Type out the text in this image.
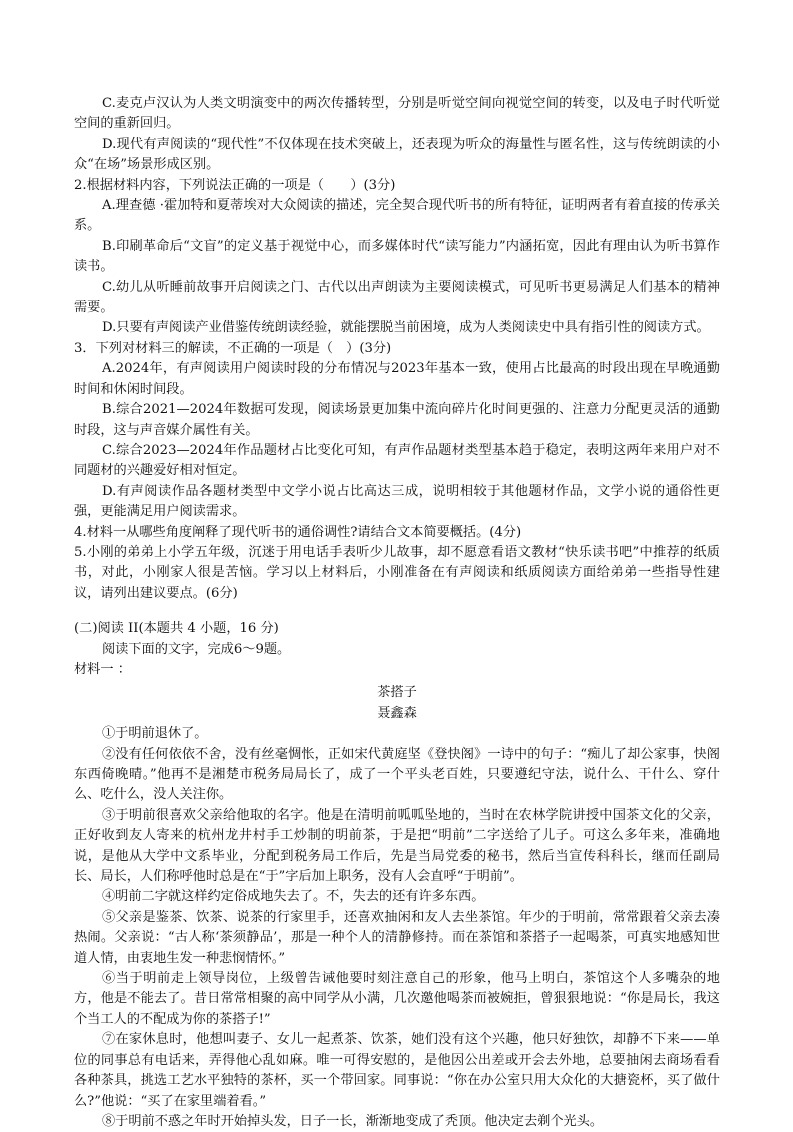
C.麦克卢汉认为人类文明演变中的两次传播转型，分别是听觉空间向视觉空间的转变，以及电子时代听觉空间的重新回归。

D.现代有声阅读的“现代性”不仅体现在技术突破上，还表现为听众的海量性与匿名性，这与传统朗读的小众“在场”场景形成区别。

2.根据材料内容，下列说法正确的一项是（　　）(3分)

A.理查德 ·霍加特和夏蒂埃对大众阅读的描述，完全契合现代听书的所有特征，证明两者有着直接的传承关系。

B.印刷革命后“文盲”的定义基于视觉中心，而多媒体时代“读写能力”内涵拓宽，因此有理由认为听书算作读书。

C.幼儿从听睡前故事开启阅读之门、古代以出声朗读为主要阅读模式，可见听书更易满足人们基本的精神需要。

D.只要有声阅读产业借鉴传统朗读经验，就能摆脱当前困境，成为人类阅读史中具有指引性的阅读方式。

3．下列对材料三的解读，不正确的一项是（　）(3分)

A.2024年，有声阅读用户阅读时段的分布情况与2023年基本一致，使用占比最高的时段出现在早晚通勤时间和休闲时间段。

B.综合2021—2024年数据可发现，阅读场景更加集中流向碎片化时间更强的、注意力分配更灵活的通勤时段，这与声音媒介属性有关。

C.综合2023—2024年作品题材占比变化可知，有声作品题材类型基本趋于稳定，表明这两年来用户对不同题材的兴趣爱好相对恒定。

D.有声阅读作品各题材类型中文学小说占比高达三成，说明相较于其他题材作品，文学小说的通俗性更强，更能满足用户阅读需求。

4.材料一从哪些角度阐释了现代听书的通俗调性?请结合文本简要概括。(4分)

5.小刚的弟弟上小学五年级，沉迷于用电话手表听少儿故事，却不愿意看语文教材“快乐读书吧”中推荐的纸质书，对此，小刚家人很是苦恼。学习以上材料后，小刚准备在有声阅读和纸质阅读方面给弟弟一些指导性建议，请列出建议要点。(6分)

(二)阅读 II(本题共 4 小题，16 分)

阅读下面的文字，完成6～9题。

材料一 ：

茶搭子

聂鑫森

①于明前退休了。

②没有任何依依不舍，没有丝毫惆怅，正如宋代黄庭坚《登快阁》一诗中的句子：“痴儿了却公家事，快阁东西倚晚晴。”他再不是湘楚市税务局局长了，成了一个平头老百姓，只要遵纪守法，说什么、干什么、穿什么、吃什么，没人关注你。

③于明前很喜欢父亲给他取的名字。他是在清明前呱呱坠地的，当时在农林学院讲授中国茶文化的父亲，正好收到友人寄来的杭州龙井村手工炒制的明前茶，于是把“明前”二字送给了儿子。可这么多年来，准确地说，是他从大学中文系毕业，分配到税务局工作后，先是当局党委的秘书，然后当宣传科科长，继而任副局长、局长，人们称呼他时总是在“于”字后加上职务，没有人会直呼“于明前”。

④明前二字就这样约定俗成地失去了。不，失去的还有许多东西。

⑤父亲是鉴茶、饮茶、说茶的行家里手，还喜欢抽闲和友人去坐茶馆。年少的于明前，常常跟着父亲去凑热闹。父亲说：“古人称‘茶须静品’，那是一种个人的清静修持。而在茶馆和茶搭子一起喝茶，可真实地感知世道人情，由衷地生发一种悲悯情怀。”

⑥当于明前走上领导岗位，上级曾告诫他要时刻注意自己的形象，他马上明白，茶馆这个人多嘴杂的地方，他是不能去了。昔日常常相聚的高中同学从小满，几次邀他喝茶而被婉拒，曾狠狠地说：“你是局长，我这个当工人的不配成为你的茶搭子!”

⑦在家休息时，他想叫妻子、女儿一起煮茶、饮茶，她们没有这个兴趣，他只好独饮，却静不下来——单位的同事总有电话来，弄得他心乱如麻。唯一可得安慰的，是他因公出差或开会去外地，总要抽闲去商场看看各种茶具，挑选工艺水平独特的茶杯，买一个带回家。同事说：“你在办公室只用大众化的大搪瓷杯，买了做什么?”他说：“买了在家里端着看。”

⑧于明前不惑之年时开始掉头发，日子一长，渐渐地变成了秃顶。他决定去剃个光头。
